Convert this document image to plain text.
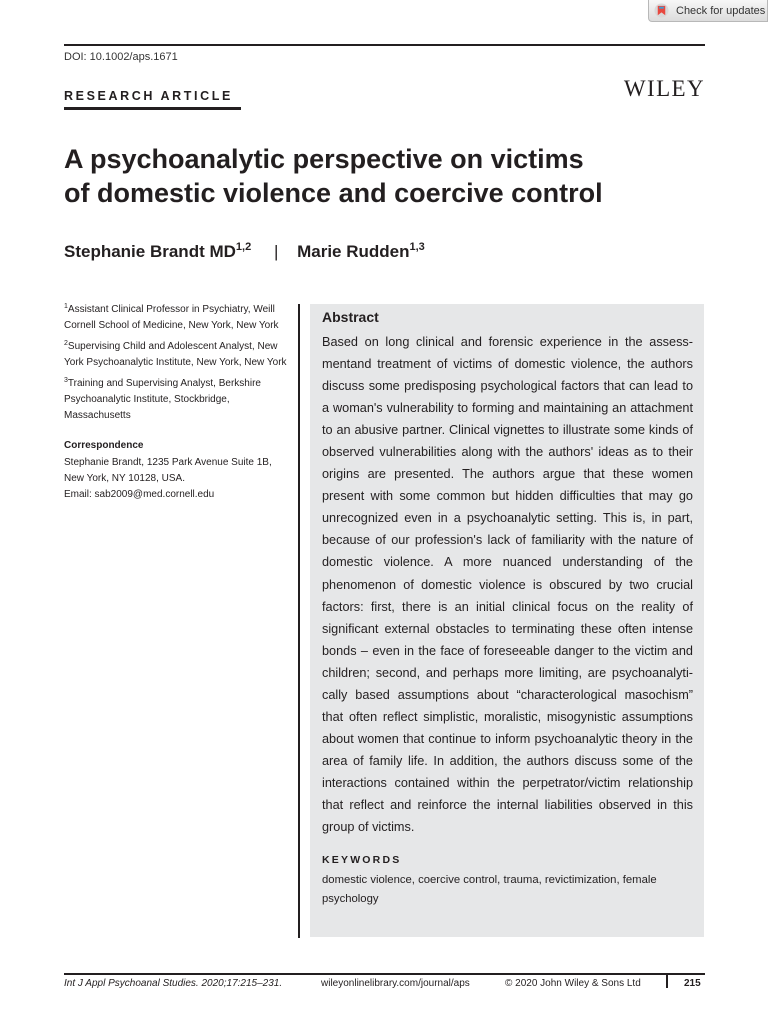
Check for updates
DOI: 10.1002/aps.1671
RESEARCH ARTICLE	WILEY
A psychoanalytic perspective on victims
of domestic violence and coercive control
Stephanie Brandt MD$^{1,2}$ | Marie Rudden$^{1,3}$
$^1$Assistant Clinical Professor in Psychiatry, Weill Cornell School of Medicine, New York, New York
$^2$Supervising Child and Adolescent Analyst, New York Psychoanalytic Institute, New York, New York
$^3$Training and Supervising Analyst, Berkshire Psychoanalytic Institute, Stockbridge, Massachusetts
Correspondence
Stephanie Brandt, 1235 Park Avenue Suite 1B, New York, NY 10128, USA.
Email: sab2009@med.cornell.edu
Abstract
Based on long clinical and forensic experience in the assessmentand treatment of victims of domestic violence, the authors discuss some predisposing psychological factors that can lead to a woman's vulnerability to forming and maintaining an attachment to an abusive partner. Clinical vignettes to illustrate some kinds of observed vulnerabilities along with the authors' ideas as to their origins are presented. The authors argue that these women present with some common but hidden difficulties that may go unrecognized even in a psychoanalytic setting. This is, in part, because of our profession's lack of familiarity with the nature of domestic violence. A more nuanced understanding of the phenomenon of domestic violence is obscured by two crucial factors: first, there is an initial clinical focus on the reality of significant external obstacles to terminating these often intense bonds – even in the face of foreseeable danger to the victim and children; second, and perhaps more limiting, are psychoanalytically based assumptions about “characterological masochism” that often reflect simplistic, moralistic, misogynistic assumptions about women that continue to inform psychoanalytic theory in the area of family life. In addition, the authors discuss some of the interactions contained within the perpetrator/victim relationship that reflect and reinforce the internal liabilities observed in this group of victims.
KEYWORDS
domestic violence, coercive control, trauma, revictimization, female psychology
Int J Appl Psychoanal Studies. 2020;17:215–231.	wileyonlinelibrary.com/journal/aps	© 2020 John Wiley & Sons Ltd	215
